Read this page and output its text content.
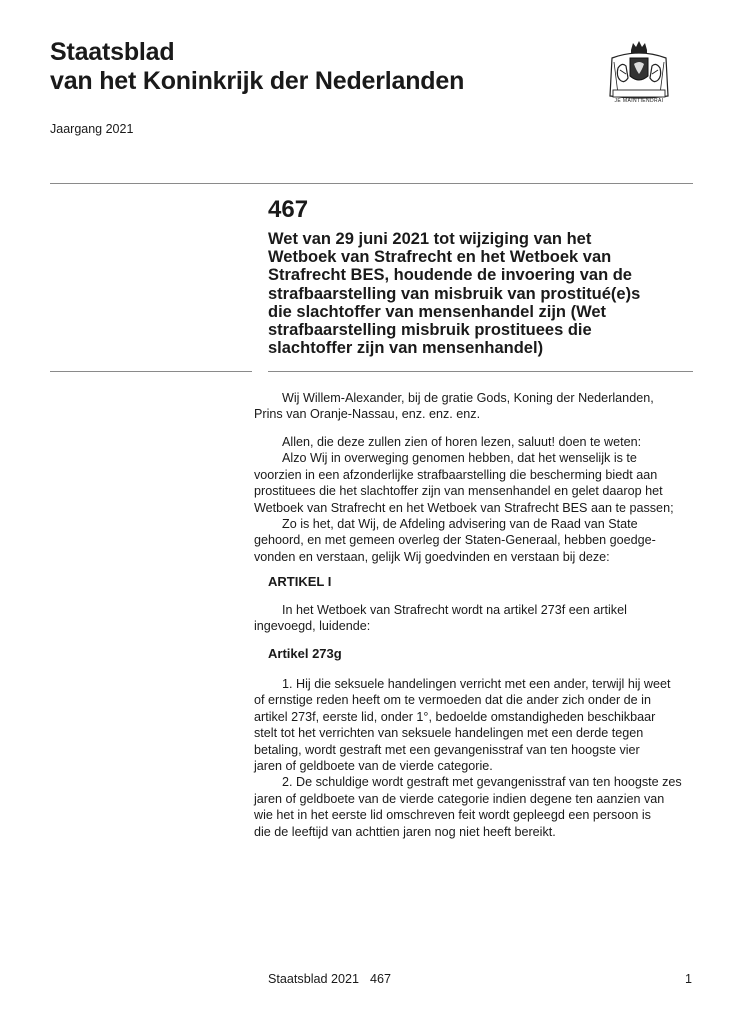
Staatsblad
van het Koninkrijk der Nederlanden
JE MAINTIENDRAI
Jaargang 2021
467
Wet van 29 juni 2021 tot wijziging van het
Wetboek van Strafrecht en het Wetboek van
Strafrecht BES, houdende de invoering van de
strafbaarstelling van misbruik van prostitué(e)s
die slachtoffer van mensenhandel zijn (Wet
strafbaarstelling misbruik prostituees die
slachtoffer zijn van mensenhandel)

Wij Willem-Alexander, bij de gratie Gods, Koning der Nederlanden,
Prins van Oranje-Nassau, enz. enz. enz.

Allen, die deze zullen zien of horen lezen, saluut! doen te weten:

Alzo Wij in overweging genomen hebben, dat het wenselijk is te
voorzien in een afzonderlijke strafbaarstelling die bescherming biedt aan
prostituees die het slachtoffer zijn van mensenhandel en gelet daarop het
Wetboek van Strafrecht en het Wetboek van Strafrecht BES aan te passen;

Zo is het, dat Wij, de Afdeling advisering van de Raad van State
gehoord, en met gemeen overleg der Staten-Generaal, hebben goedge-
vonden en verstaan, gelijk Wij goedvinden en verstaan bij deze:

ARTIKEL I

In het Wetboek van Strafrecht wordt na artikel 273f een artikel
ingevoegd, luidende:

Artikel 273g

1. Hij die seksuele handelingen verricht met een ander, terwijl hij weet
of ernstige reden heeft om te vermoeden dat die ander zich onder de in
artikel 273f, eerste lid, onder 1°, bedoelde omstandigheden beschikbaar
stelt tot het verrichten van seksuele handelingen met een derde tegen
betaling, wordt gestraft met een gevangenisstraf van ten hoogste vier
jaren of geldboete van de vierde categorie.

2. De schuldige wordt gestraft met gevangenisstraf van ten hoogste zes
jaren of geldboete van de vierde categorie indien degene ten aanzien van
wie het in het eerste lid omschreven feit wordt gepleegd een persoon is
die de leeftijd van achttien jaren nog niet heeft bereikt.

Staatsblad 2021 467	1
